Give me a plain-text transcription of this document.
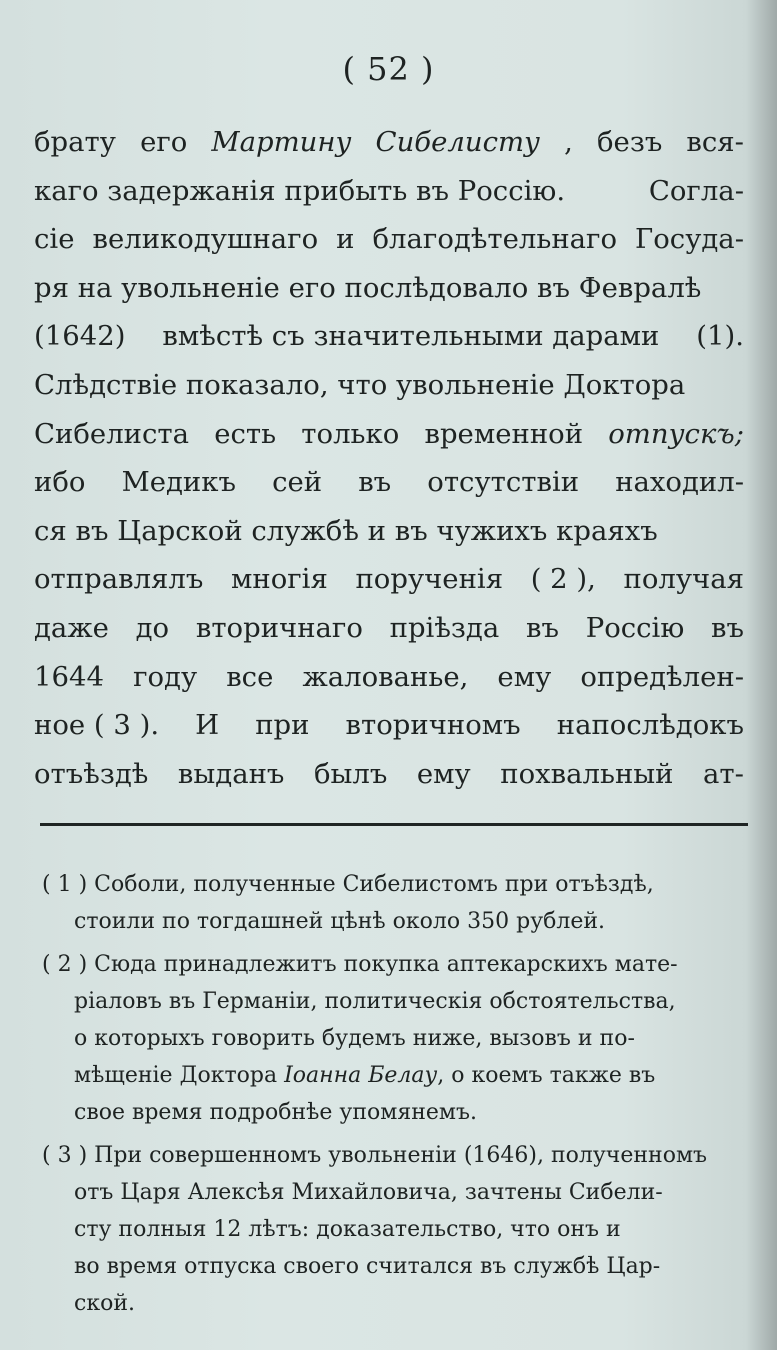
( 52 )
брату его Мартину Сибелисту , безъ вся-
каго задержанія прибыть въ Россію.	Согла-
сіе великодушнаго и благодѣтельнаго Госуда-
ря на увольненіе его послѣдовало въ Февралѣ
(1642) вмѣстѣ съ значительными дарами (1).
Слѣдствіе показало, что увольненіе Доктора
Сибелиста есть только временной отпускъ;
ибо Медикъ сей въ отсутствіи находил-
ся въ Царской службѣ и въ чужихъ краяхъ
отправлялъ многія порученія ( 2 ), получая
даже до вторичнаго пріѣзда въ Россію въ
1644 году все жалованье, ему опредѣлен-
ное ( 3 ). И при вторичномъ напослѣдокъ
отъѣздѣ выданъ былъ ему похвальный ат-
( 1 ) Соболи, полученные Сибелистомъ при отъѣздѣ,
стоили по тогдашней цѣнѣ около 350 рублей.
( 2 ) Сюда принадлежитъ покупка аптекарскихъ мате-
ріаловъ въ Германіи, политическія обстоятельства,
о которыхъ говорить будемъ ниже, вызовъ и по-
мѣщеніе Доктора Іоанна Белау, о коемъ также въ
свое время подробнѣе упомянемъ.
( 3 ) При совершенномъ увольненіи (1646), полученномъ
отъ Царя Алексѣя Михайловича, зачтены Сибели-
сту полныя 12 лѣтъ: доказательство, что онъ и
во время отпуска своего считался въ службѣ Цар-
ской.
